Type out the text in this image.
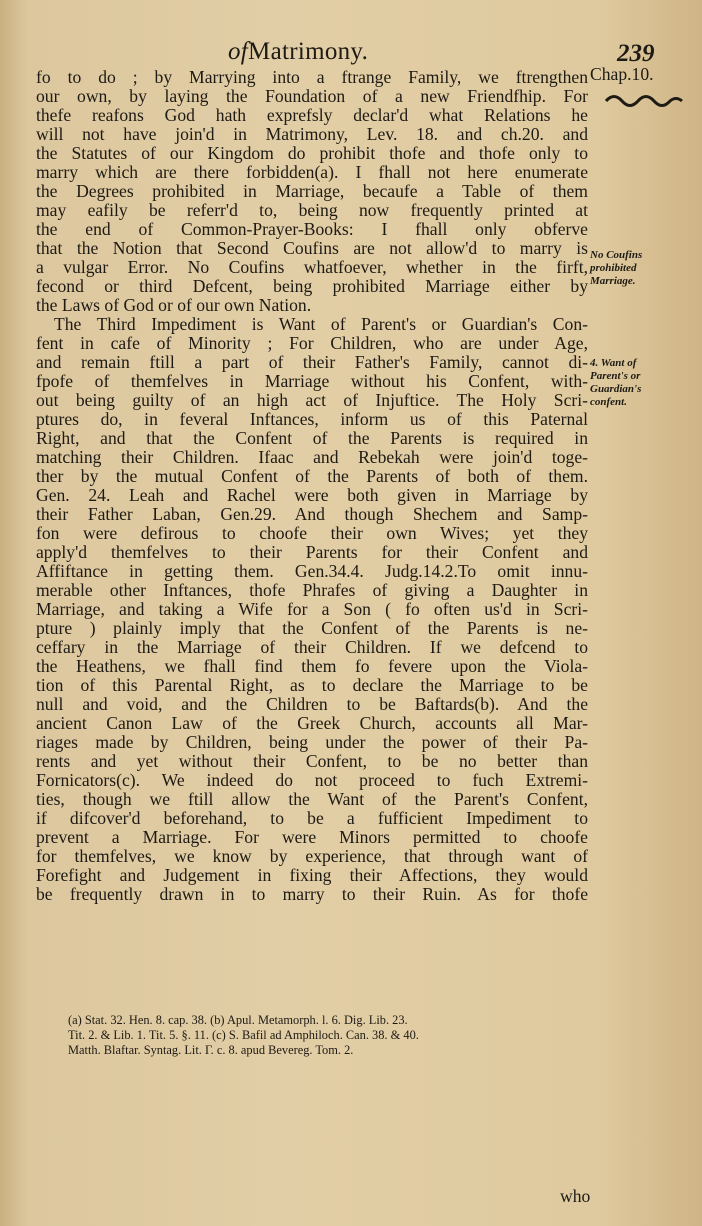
ofMatrimony.	239
Chap.10.
No Coufins
prohibited
Marriage.
4. Want of
Parent's or
Guardian's
confent.
fo to do ; by Marrying into a ftrange Family, we ftrengthen
our own, by laying the Foundation of a new Friendfhip. For
thefe reafons God hath exprefsly declar'd what Relations he
will not have join'd in Matrimony, Lev. 18. and ch.20. and
the Statutes of our Kingdom do prohibit thofe and thofe only to
marry which are there forbidden(a). I fhall not here enumerate
the Degrees prohibited in Marriage, becaufe a Table of them
may eafily be referr'd to, being now frequently printed at
the end of Common-Prayer-Books: I fhall only obferve
that the Notion that Second Coufins are not allow'd to marry is
a vulgar Error. No Coufins whatfoever, whether in the firft,
fecond or third Defcent, being prohibited Marriage either by
the Laws of God or of our own Nation.
The Third Impediment is Want of Parent's or Guardian's Con-
fent in cafe of Minority ; For Children, who are under Age,
and remain ftill a part of their Father's Family, cannot di-
fpofe of themfelves in Marriage without his Confent, with-
out being guilty of an high act of Injuftice. The Holy Scri-
ptures do, in feveral Inftances, inform us of this Paternal
Right, and that the Confent of the Parents is required in
matching their Children. Ifaac and Rebekah were join'd toge-
ther by the mutual Confent of the Parents of both of them.
Gen. 24. Leah and Rachel were both given in Marriage by
their Father Laban, Gen.29. And though Shechem and Samp-
fon were defirous to choofe their own Wives; yet they
apply'd themfelves to their Parents for their Confent and
Affiftance in getting them. Gen.34.4. Judg.14.2.To omit innu-
merable other Inftances, thofe Phrafes of giving a Daughter in
Marriage, and taking a Wife for a Son ( fo often us'd in Scri-
pture ) plainly imply that the Confent of the Parents is ne-
ceffary in the Marriage of their Children. If we defcend to
the Heathens, we fhall find them fo fevere upon the Viola-
tion of this Parental Right, as to declare the Marriage to be
null and void, and the Children to be Baftards(b). And the
ancient Canon Law of the Greek Church, accounts all Mar-
riages made by Children, being under the power of their Pa-
rents and yet without their Confent, to be no better than
Fornicators(c). We indeed do not proceed to fuch Extremi-
ties, though we ftill allow the Want of the Parent's Confent,
if difcover'd beforehand, to be a fufficient Impediment to
prevent a Marriage. For were Minors permitted to choofe
for themfelves, we know by experience, that through want of
Forefight and Judgement in fixing their Affections, they would
be frequently drawn in to marry to their Ruin. As for thofe
(a) Stat. 32. Hen. 8. cap. 38. (b) Apul. Metamorph. l. 6. Dig. Lib. 23.
Tit. 2. & Lib. 1. Tit. 5. §. 11. (c) S. Bafil ad Amphiloch. Can. 38. & 40.
Matth. Blaftar. Syntag. Lit. Γ. c. 8. apud Bevereg. Tom. 2.
who
